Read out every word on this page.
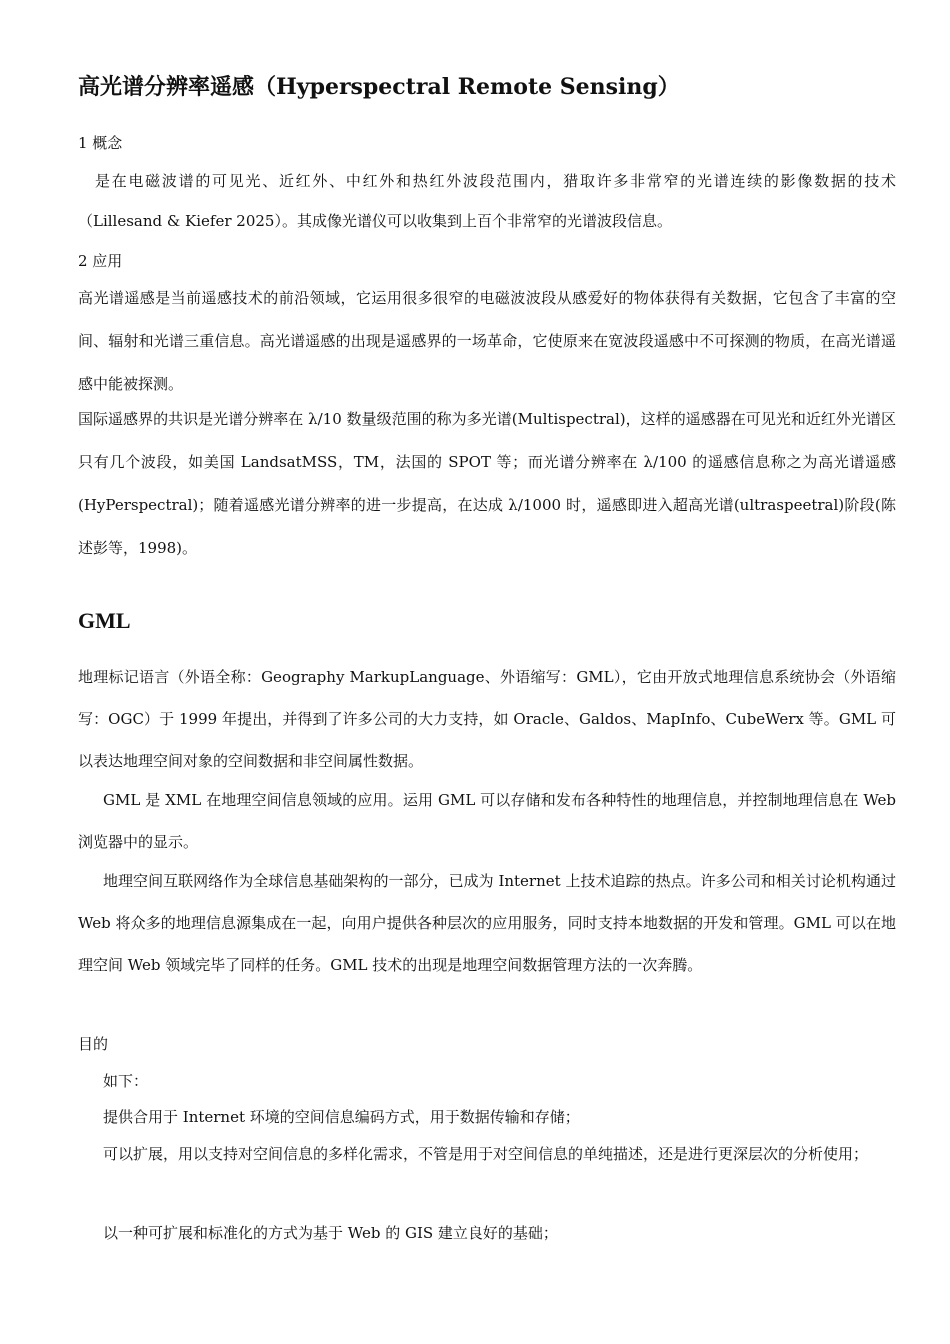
高光谱分辨率遥感（Hyperspectral Remote Sensing）
1 概念
是在电磁波谱的可见光、近红外、中红外和热红外波段范围内，猎取许多非常窄的光谱连续的影像数据的技术（Lillesand & Kiefer 2025）。其成像光谱仪可以收集到上百个非常窄的光谱波段信息。
2 应用
高光谱遥感是当前遥感技术的前沿领域，它运用很多很窄的电磁波波段从感爱好的物体获得有关数据，它包含了丰富的空间、辐射和光谱三重信息。高光谱遥感的出现是遥感界的一场革命，它使原来在宽波段遥感中不可探测的物质，在高光谱遥感中能被探测。
国际遥感界的共识是光谱分辨率在 λ/10 数量级范围的称为多光谱(Multispectral)，这样的遥感器在可见光和近红外光谱区只有几个波段，如美国 LandsatMSS，TM，法国的 SPOT 等；而光谱分辨率在 λ/100 的遥感信息称之为高光谱遥感(HyPerspectral)；随着遥感光谱分辨率的进一步提高，在达成 λ/1000 时，遥感即进入超高光谱(ultraspeetral)阶段(陈述彭等，1998)。
GML
地理标记语言（外语全称：Geography MarkupLanguage、外语缩写：GML），它由开放式地理信息系统协会（外语缩写：OGC）于 1999 年提出，并得到了许多公司的大力支持，如 Oracle、Galdos、MapInfo、CubeWerx 等。GML 可以表达地理空间对象的空间数据和非空间属性数据。
GML 是 XML 在地理空间信息领域的应用。运用 GML 可以存储和发布各种特性的地理信息，并控制地理信息在 Web 浏览器中的显示。
地理空间互联网络作为全球信息基础架构的一部分，已成为 Internet 上技术追踪的热点。许多公司和相关讨论机构通过 Web 将众多的地理信息源集成在一起，向用户提供各种层次的应用服务，同时支持本地数据的开发和管理。GML 可以在地理空间 Web 领域完毕了同样的任务。GML 技术的出现是地理空间数据管理方法的一次奔腾。
目的
如下：
提供合用于 Internet 环境的空间信息编码方式，用于数据传输和存储；
可以扩展，用以支持对空间信息的多样化需求，不管是用于对空间信息的单纯描述，还是进行更深层次的分析使用；
以一种可扩展和标准化的方式为基于 Web 的 GIS 建立良好的基础；
